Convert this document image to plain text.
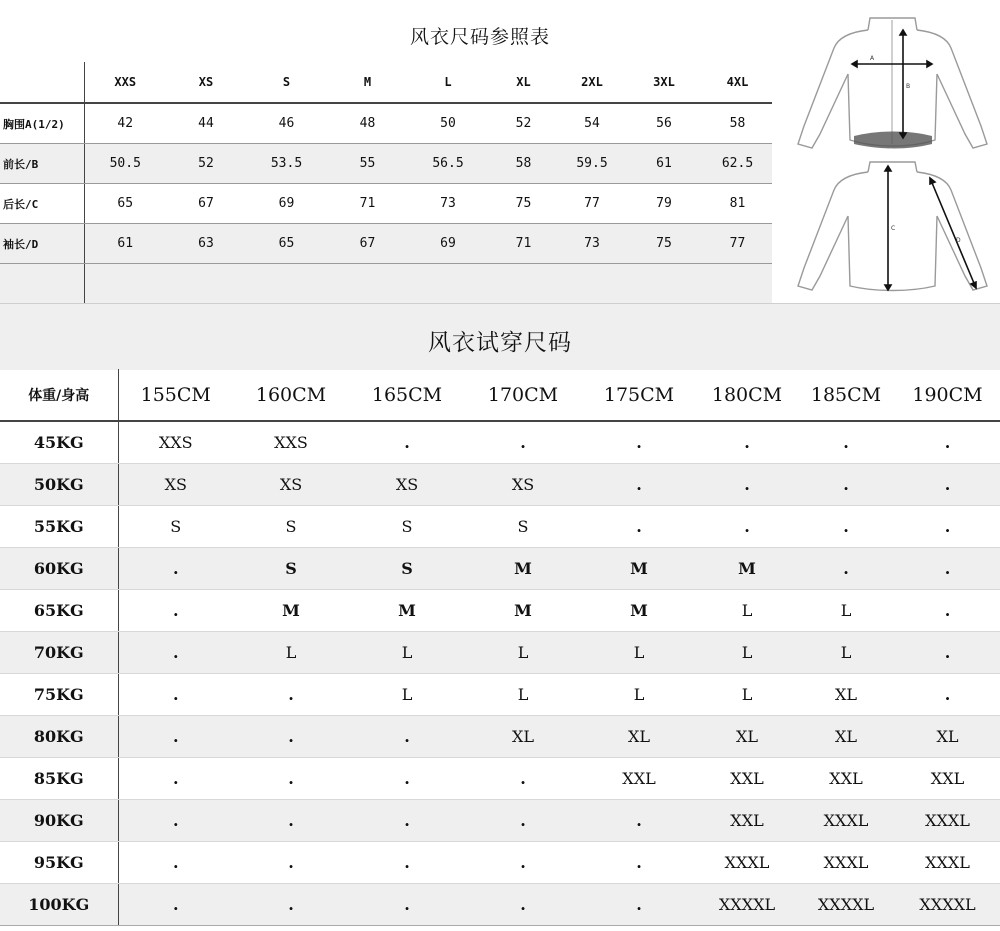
风衣尺码参照表
	XXS	XS	S	M	L	XL	2XL	3XL	4XL
胸围A(1/2)	42	44	46	48	50	52	54	56	58
前长/B	50.5	52	53.5	55	56.5	58	59.5	61	62.5
后长/C	65	67	69	71	73	75	77	79	81
袖长/D	61	63	65	67	69	71	73	75	77

A
B
C
D
风衣试穿尺码
体重/身高	155CM	160CM	165CM	170CM	175CM	180CM	185CM	190CM
45KG	XXS	XXS	.	.	.	.	.	.
50KG	XS	XS	XS	XS	.	.	.	.
55KG	S	S	S	S	.	.	.	.
60KG	.	S	S	M	M	M	.	.
65KG	.	M	M	M	M	L	L	.
70KG	.	L	L	L	L	L	L	.
75KG	.	.	L	L	L	L	XL	.
80KG	.	.	.	XL	XL	XL	XL	XL
85KG	.	.	.	.	XXL	XXL	XXL	XXL
90KG	.	.	.	.	.	XXL	XXXL	XXXL
95KG	.	.	.	.	.	XXXL	XXXL	XXXL
100KG	.	.	.	.	.	XXXXL	XXXXL	XXXXL
